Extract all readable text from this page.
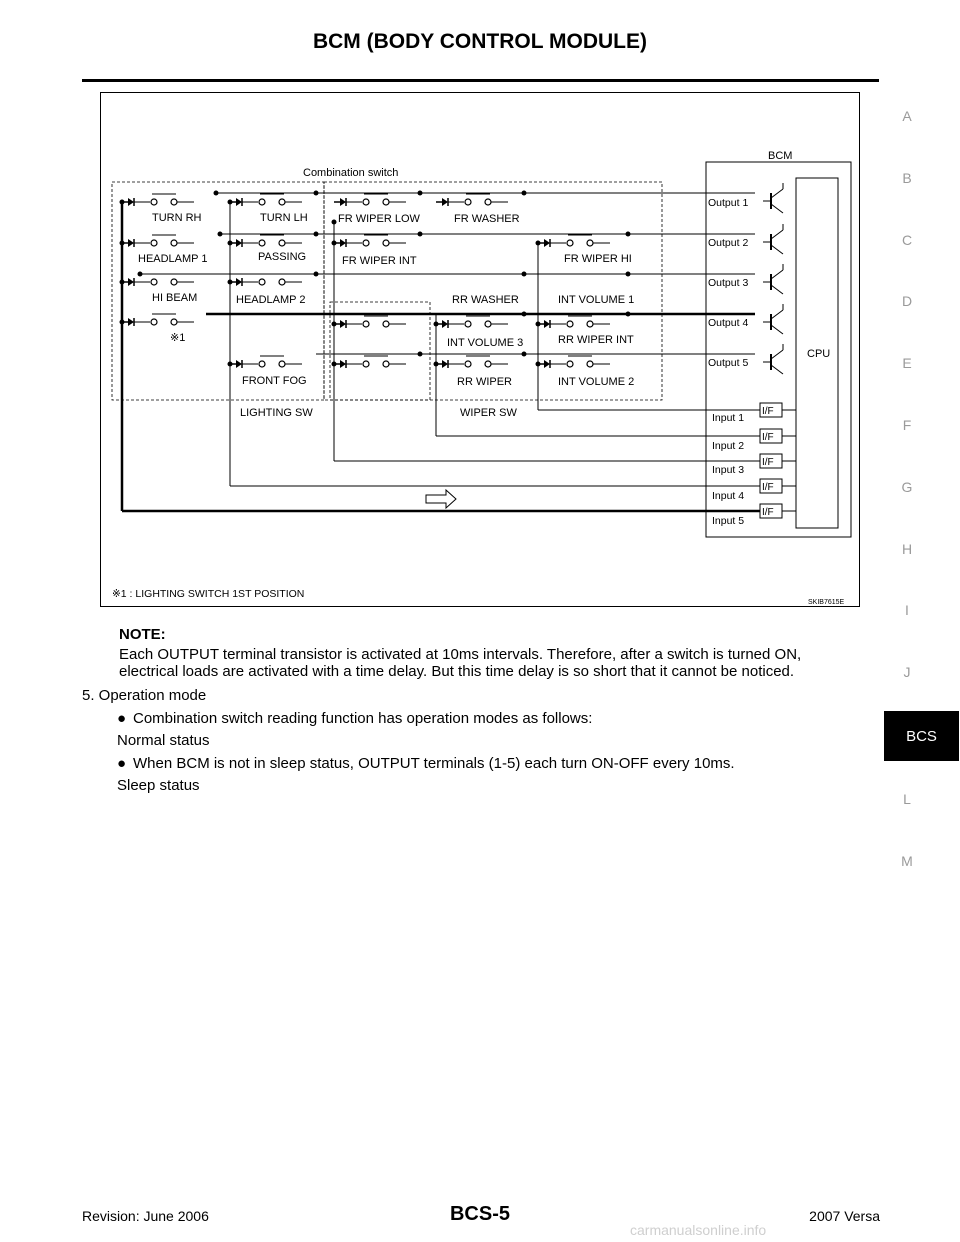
BCM (BODY CONTROL MODULE)
A
B
C
D
E
F
G
H
I
J
BCS
L
M
BCM
CPU
Combination switch
I/F
I/F
I/F
I/F
I/F
Output 1
Output 2
Output 3
Output 4
Output 5
Input 1
Input 2
Input 3
Input 4
Input 5
TURN RH	TURN LH
HEADLAMP 1	PASSING
HI BEAM	HEADLAMP 2
※1
FRONT FOG
LIGHTING SW
FR WIPER LOW	FR WASHER
FR WIPER INT	FR WIPER HI
RR WASHER	INT VOLUME 1
INT VOLUME 3	RR WIPER INT
RR WIPER	INT VOLUME 2
WIPER SW
※1 : LIGHTING SWITCH 1ST POSITION
SKIB7615E
NOTE:
Each OUTPUT terminal transistor is activated at 10ms intervals. Therefore, after a switch is turned ON,
electrical loads are activated with a time delay. But this time delay is so short that it cannot be noticed.
5. Operation mode
● Combination switch reading function has operation modes as follows:
Normal status
● When BCM is not in sleep status, OUTPUT terminals (1-5) each turn ON-OFF every 10ms.
Sleep status
Revision: June 2006	BCS-5	2007 Versa
carmanualsonline.info
